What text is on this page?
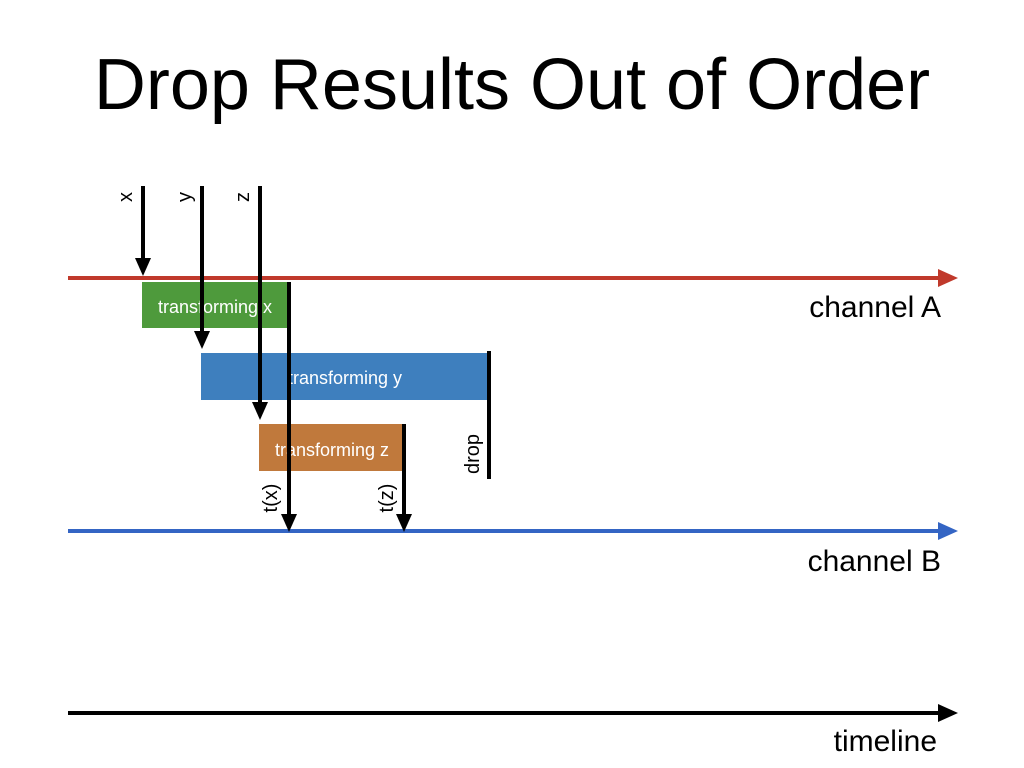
Drop Results Out of Order
transforming x
transforming y
transforming z
x y z
t(x)	t(z)
drop
channel A
channel B
timeline
